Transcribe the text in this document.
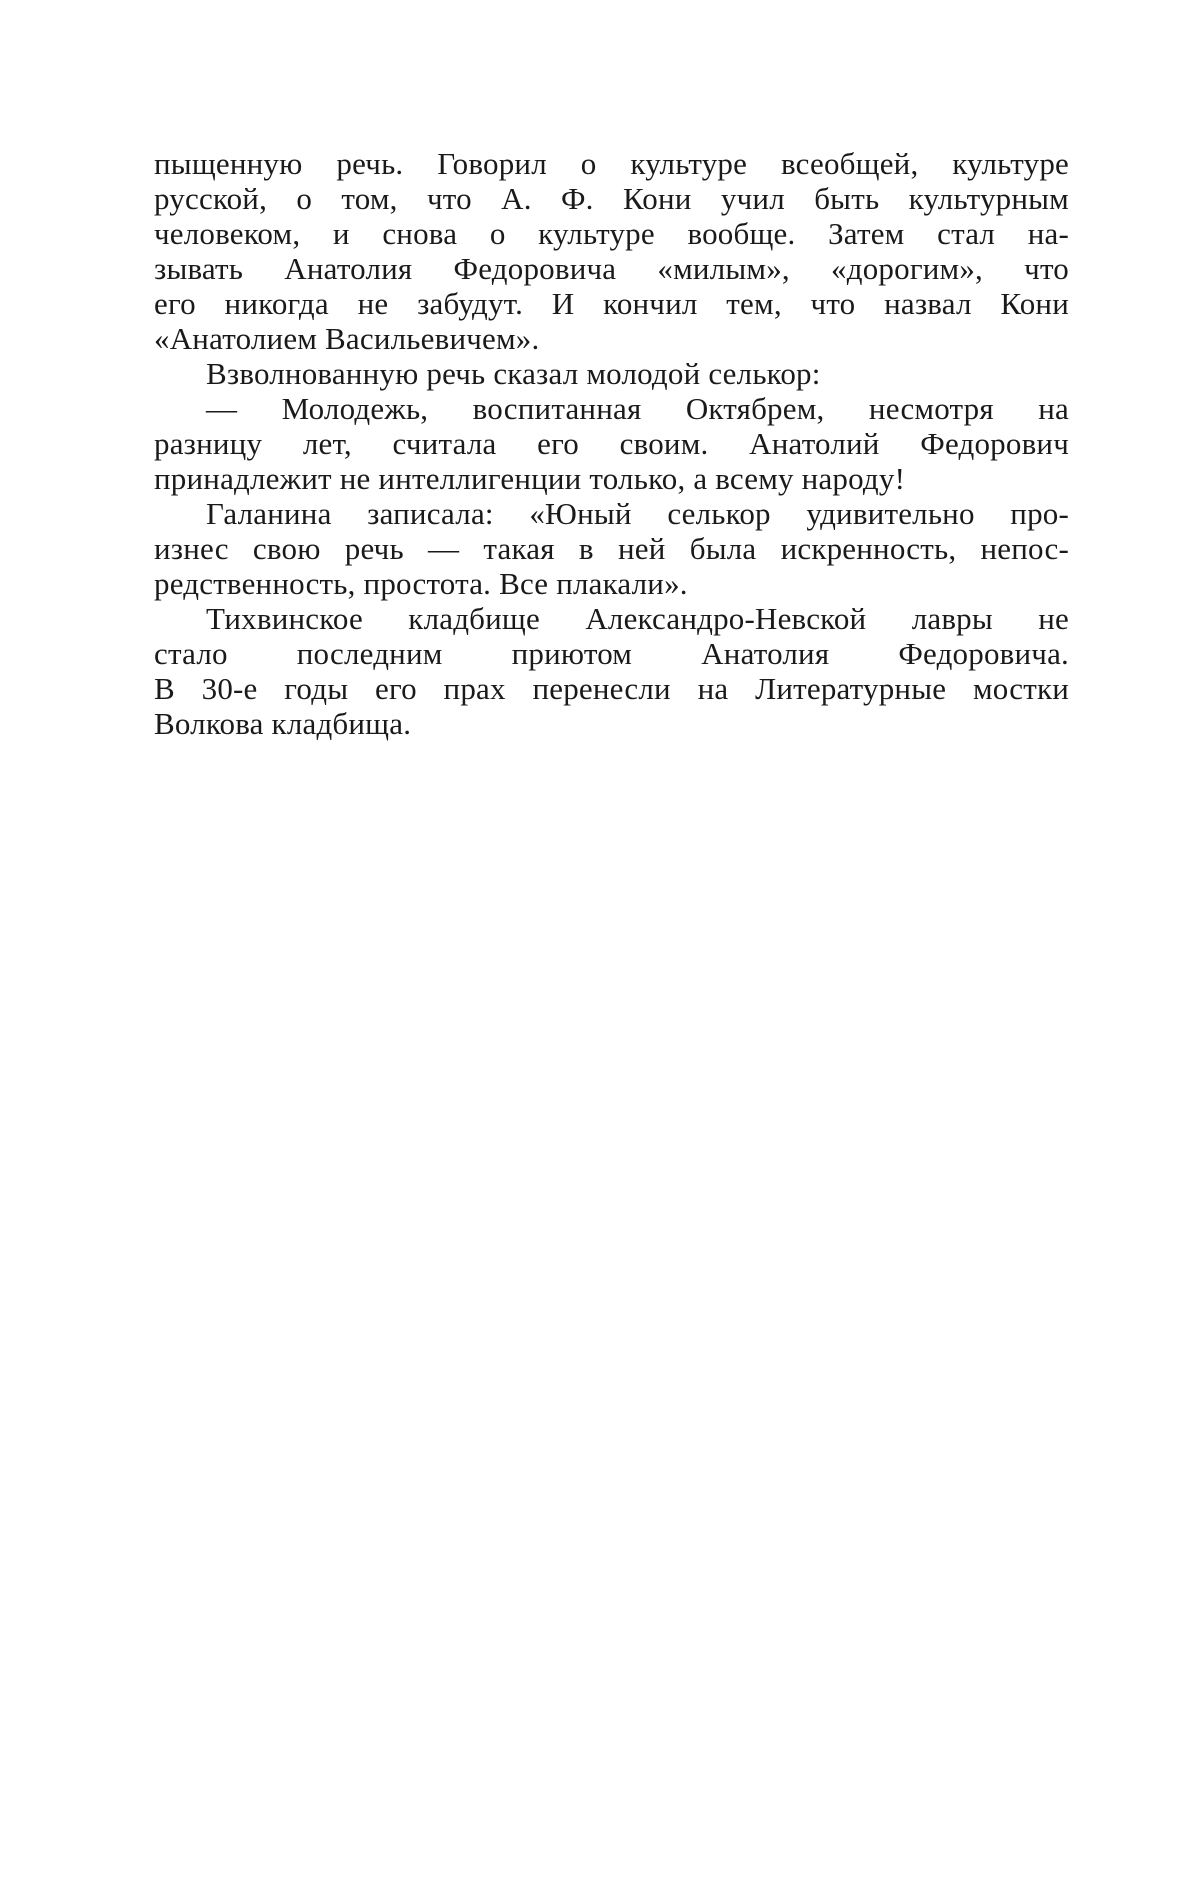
пыщенную речь. Говорил о культуре всеобщей, культуре
русской, о том, что А. Ф. Кони учил быть культурным
человеком, и снова о культуре вообще. Затем стал на-
зывать Анатолия Федоровича «милым», «дорогим», что
его никогда не забудут. И кончил тем, что назвал Кони
«Анатолием Васильевичем».
Взволнованную речь сказал молодой селькор:
— Молодежь, воспитанная Октябрем, несмотря на
разницу лет, считала его своим. Анатолий Федорович
принадлежит не интеллигенции только, а всему народу!
Галанина записала: «Юный селькор удивительно про-
изнес свою речь — такая в ней была искренность, непос-
редственность, простота. Все плакали».
Тихвинское кладбище Александро-Невской лавры не
стало последним приютом Анатолия Федоровича.
В 30-е годы его прах перенесли на Литературные мостки
Волкова кладбища.
